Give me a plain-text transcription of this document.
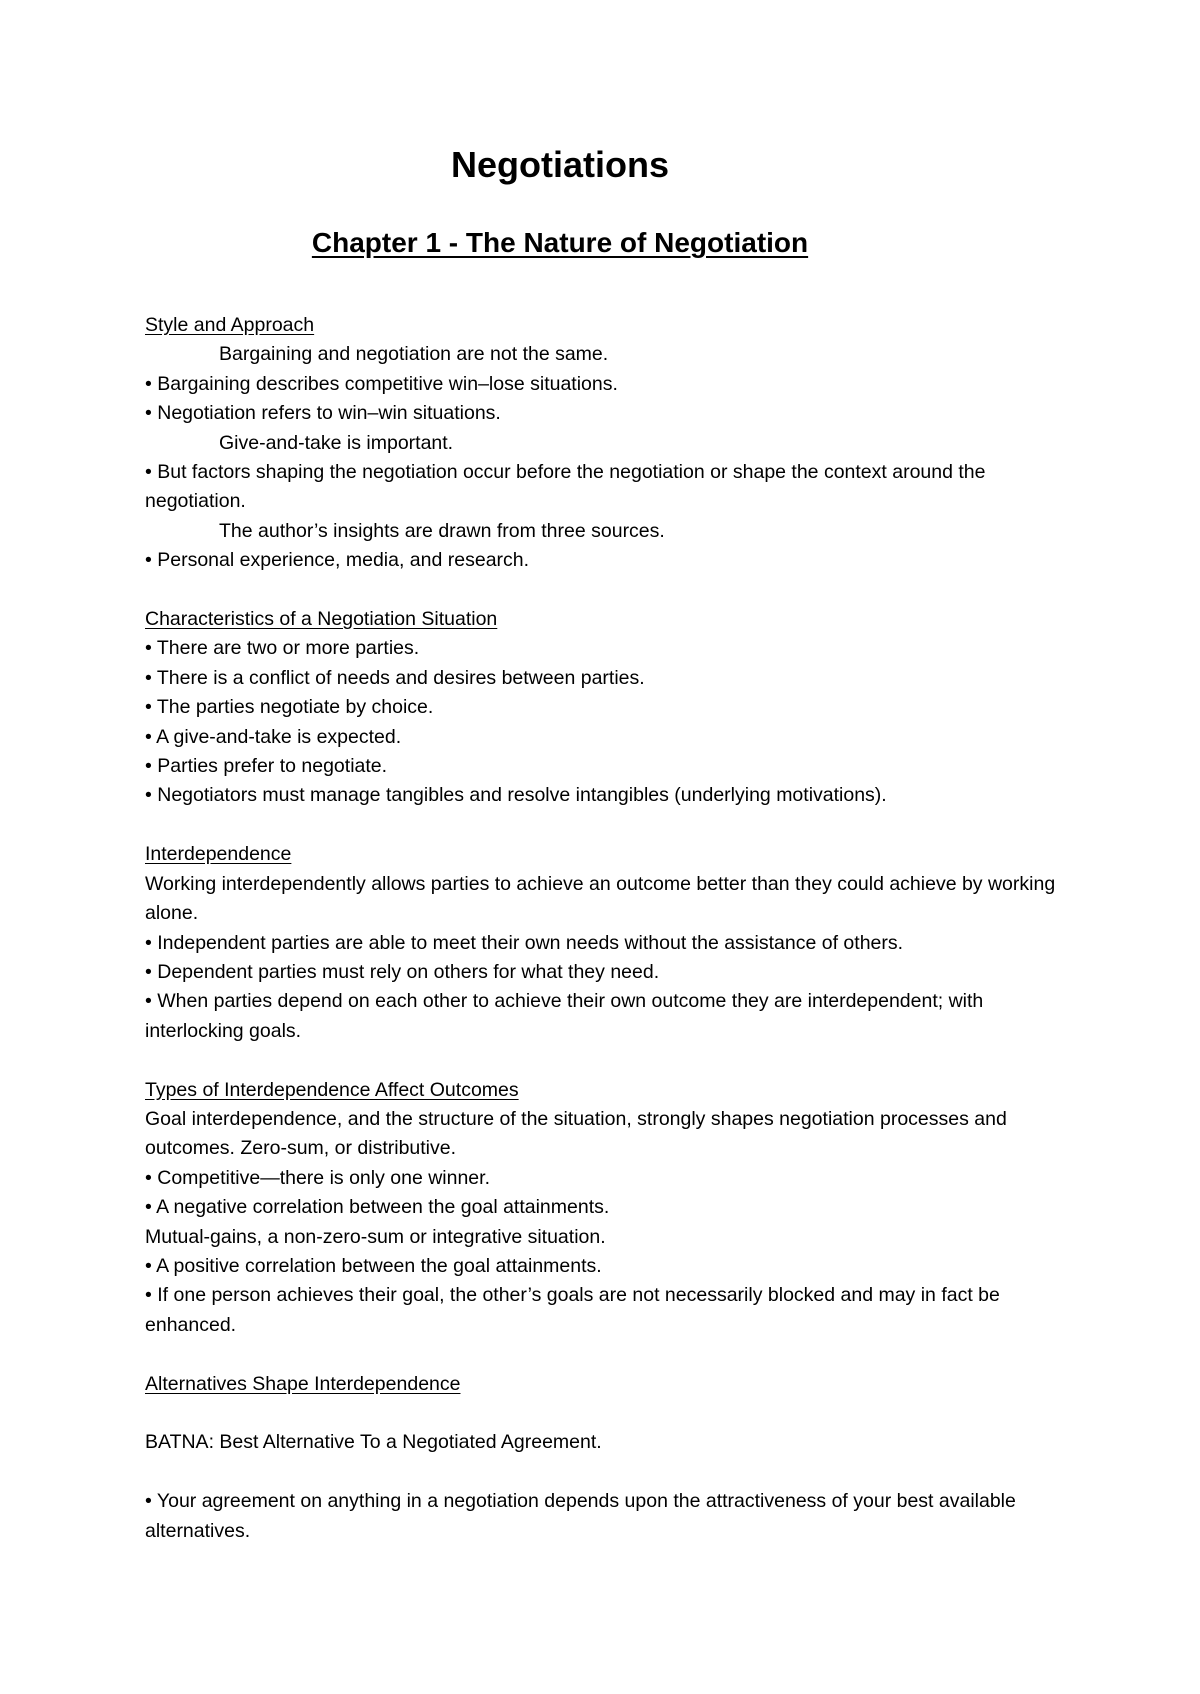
Negotiations
Chapter 1 - The Nature of Negotiation
Style and Approach
Bargaining and negotiation are not the same.
• Bargaining describes competitive win–lose situations.
• Negotiation refers to win–win situations.
Give-and-take is important.
• But factors shaping the negotiation occur before the negotiation or shape the context around the negotiation.
The author’s insights are drawn from three sources.
• Personal experience, media, and research.
Characteristics of a Negotiation Situation
• There are two or more parties.
• There is a conflict of needs and desires between parties.
• The parties negotiate by choice.
• A give-and-take is expected.
• Parties prefer to negotiate.
• Negotiators must manage tangibles and resolve intangibles (underlying motivations).
Interdependence
Working interdependently allows parties to achieve an outcome better than they could achieve by working alone.
• Independent parties are able to meet their own needs without the assistance of others.
• Dependent parties must rely on others for what they need.
• When parties depend on each other to achieve their own outcome they are interdependent; with interlocking goals.
Types of Interdependence Affect Outcomes
Goal interdependence, and the structure of the situation, strongly shapes negotiation processes and outcomes. Zero-sum, or distributive.
• Competitive—there is only one winner.
• A negative correlation between the goal attainments.
Mutual-gains, a non-zero-sum or integrative situation.
• A positive correlation between the goal attainments.
• If one person achieves their goal, the other’s goals are not necessarily blocked and may in fact be enhanced.
Alternatives Shape Interdependence
BATNA: Best Alternative To a Negotiated Agreement.
• Your agreement on anything in a negotiation depends upon the attractiveness of your best available alternatives.
